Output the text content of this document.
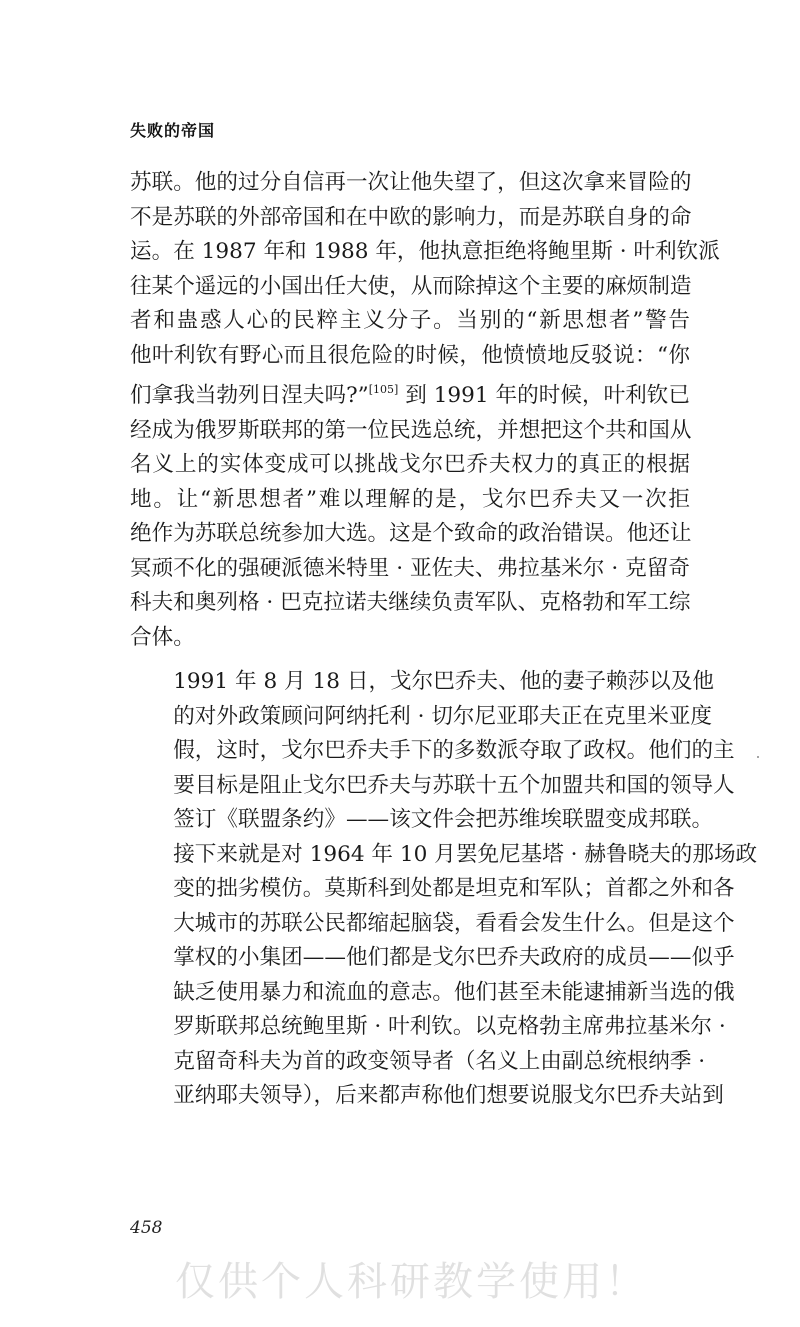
失败的帝国

苏联。他的过分自信再一次让他失望了，但这次拿来冒险的
不是苏联的外部帝国和在中欧的影响力，而是苏联自身的命
运。在 1987 年和 1988 年，他执意拒绝将鲍里斯 · 叶利钦派
往某个遥远的小国出任大使，从而除掉这个主要的麻烦制造
者和蛊惑人心的民粹主义分子。当别的“新思想者”警告
他叶利钦有野心而且很危险的时候，他愤愤地反驳说：“你
们拿我当勃列日涅夫吗?”[105] 到 1991 年的时候，叶利钦已
经成为俄罗斯联邦的第一位民选总统，并想把这个共和国从
名义上的实体变成可以挑战戈尔巴乔夫权力的真正的根据
地。让“新思想者”难以理解的是，戈尔巴乔夫又一次拒
绝作为苏联总统参加大选。这是个致命的政治错误。他还让
冥顽不化的强硬派德米特里 · 亚佐夫、弗拉基米尔 · 克留奇
科夫和奥列格 · 巴克拉诺夫继续负责军队、克格勃和军工综
合体。

1991 年 8 月 18 日，戈尔巴乔夫、他的妻子赖莎以及他
的对外政策顾问阿纳托利 · 切尔尼亚耶夫正在克里米亚度
假，这时，戈尔巴乔夫手下的多数派夺取了政权。他们的主
要目标是阻止戈尔巴乔夫与苏联十五个加盟共和国的领导人
签订《联盟条约》——该文件会把苏维埃联盟变成邦联。
接下来就是对 1964 年 10 月罢免尼基塔 · 赫鲁晓夫的那场政
变的拙劣模仿。莫斯科到处都是坦克和军队；首都之外和各
大城市的苏联公民都缩起脑袋，看看会发生什么。但是这个
掌权的小集团——他们都是戈尔巴乔夫政府的成员——似乎
缺乏使用暴力和流血的意志。他们甚至未能逮捕新当选的俄
罗斯联邦总统鲍里斯 · 叶利钦。以克格勃主席弗拉基米尔 ·
克留奇科夫为首的政变领导者（名义上由副总统根纳季 ·
亚纳耶夫领导），后来都声称他们想要说服戈尔巴乔夫站到

458
仅供个人科研教学使用！
